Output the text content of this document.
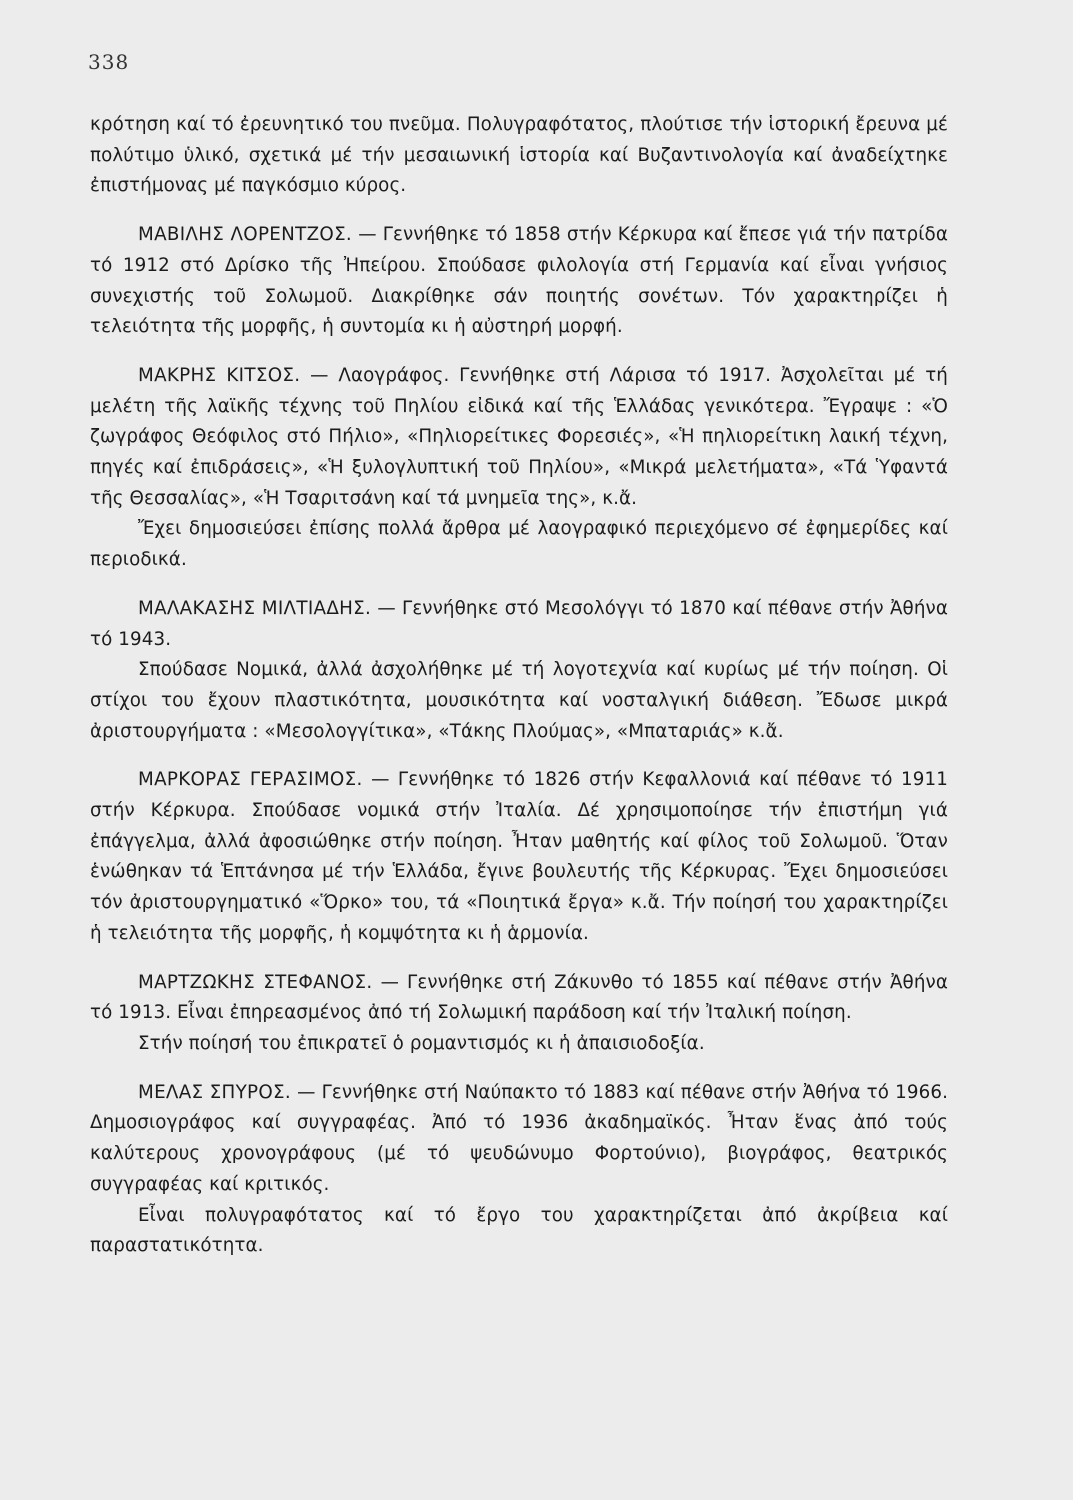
338

κρότηση καί τό ἐρευνητικό του πνεῦμα. Πολυγραφότατος, πλούτισε τήν ἱστορική ἔρευνα μέ πολύτιμο ὑλικό, σχετικά μέ τήν μεσαιωνική ἱστορία καί Βυζαντινολογία καί ἀναδείχτηκε ἐπιστήμονας μέ παγκόσμιο κύρος.

ΜΑΒΙΛΗΣ ΛΟΡΕΝΤΖΟΣ. — Γεννήθηκε τό 1858 στήν Κέρκυρα καί ἔπεσε γιά τήν πατρίδα τό 1912 στό Δρίσκο τῆς Ἠπείρου. Σπούδασε φιλολογία στή Γερμανία καί εἶναι γνήσιος συνεχιστής τοῦ Σολωμοῦ. Διακρίθηκε σάν ποιητής σονέτων. Τόν χαρακτηρίζει ἡ τελειότητα τῆς μορφῆς, ἡ συντομία κι ἡ αὐστηρή μορφή.

ΜΑΚΡΗΣ ΚΙΤΣΟΣ. — Λαογράφος. Γεννήθηκε στή Λάρισα τό 1917. Ἀσχολεῖται μέ τή μελέτη τῆς λαϊκῆς τέχνης τοῦ Πηλίου εἰδικά καί τῆς Ἑλλάδας γενικότερα. Ἔγραψε : «Ὁ ζωγράφος Θεόφιλος στό Πήλιο», «Πηλιορείτικες Φορεσιές», «Ἡ πηλιορείτικη λαική τέχνη, πηγές καί ἐπιδράσεις», «Ἡ ξυλογλυπτική τοῦ Πηλίου», «Μικρά μελετήματα», «Τά Ὑφαντά τῆς Θεσσαλίας», «Ἡ Τσαριτσάνη καί τά μνημεῖα της», κ.ἄ.

Ἔχει δημοσιεύσει ἐπίσης πολλά ἄρθρα μέ λαογραφικό περιεχόμενο σέ ἐφημερίδες καί περιοδικά.

ΜΑΛΑΚΑΣΗΣ ΜΙΛΤΙΑΔΗΣ. — Γεννήθηκε στό Μεσολόγγι τό 1870 καί πέθανε στήν Ἀθήνα τό 1943.

Σπούδασε Νομικά, ἀλλά ἀσχολήθηκε μέ τή λογοτεχνία καί κυρίως μέ τήν ποίηση. Οἱ στίχοι του ἔχουν πλαστικότητα, μουσικότητα καί νοσταλγική διάθεση. Ἔδωσε μικρά ἀριστουργήματα : «Μεσολογγίτικα», «Τάκης Πλούμας», «Μπαταριάς» κ.ἄ.

ΜΑΡΚΟΡΑΣ ΓΕΡΑΣΙΜΟΣ. — Γεννήθηκε τό 1826 στήν Κεφαλλονιά καί πέθανε τό 1911 στήν Κέρκυρα. Σπούδασε νομικά στήν Ἰταλία. Δέ χρησιμοποίησε τήν ἐπιστήμη γιά ἐπάγγελμα, ἀλλά ἀφοσιώθηκε στήν ποίηση. Ἦταν μαθητής καί φίλος τοῦ Σολωμοῦ. Ὅταν ἑνώθηκαν τά Ἑπτάνησα μέ τήν Ἑλλάδα, ἔγινε βουλευτής τῆς Κέρκυρας. Ἔχει δημοσιεύσει τόν ἀριστουργηματικό «Ὅρκο» του, τά «Ποιητικά ἔργα» κ.ἄ. Τήν ποίησή του χαρακτηρίζει ἡ τελειότητα τῆς μορφῆς, ἡ κομψότητα κι ἡ ἁρμονία.

ΜΑΡΤΖΩΚΗΣ ΣΤΕΦΑΝΟΣ. — Γεννήθηκε στή Ζάκυνθο τό 1855 καί πέθανε στήν Ἀθήνα τό 1913. Εἶναι ἐπηρεασμένος ἀπό τή Σολωμική παράδοση καί τήν Ἰταλική ποίηση.

Στήν ποίησή του ἐπικρατεῖ ὁ ρομαντισμός κι ἡ ἀπαισιοδοξία.

ΜΕΛΑΣ ΣΠΥΡΟΣ. — Γεννήθηκε στή Ναύπακτο τό 1883 καί πέθανε στήν Ἀθήνα τό 1966. Δημοσιογράφος καί συγγραφέας. Ἀπό τό 1936 ἀκαδημαϊκός. Ἦταν ἕνας ἀπό τούς καλύτερους χρονογράφους (μέ τό ψευδώνυμο Φορτούνιο), βιογράφος, θεατρικός συγγραφέας καί κριτικός.

Εἶναι πολυγραφότατος καί τό ἔργο του χαρακτηρίζεται ἀπό ἀκρίβεια καί παραστατικότητα.
